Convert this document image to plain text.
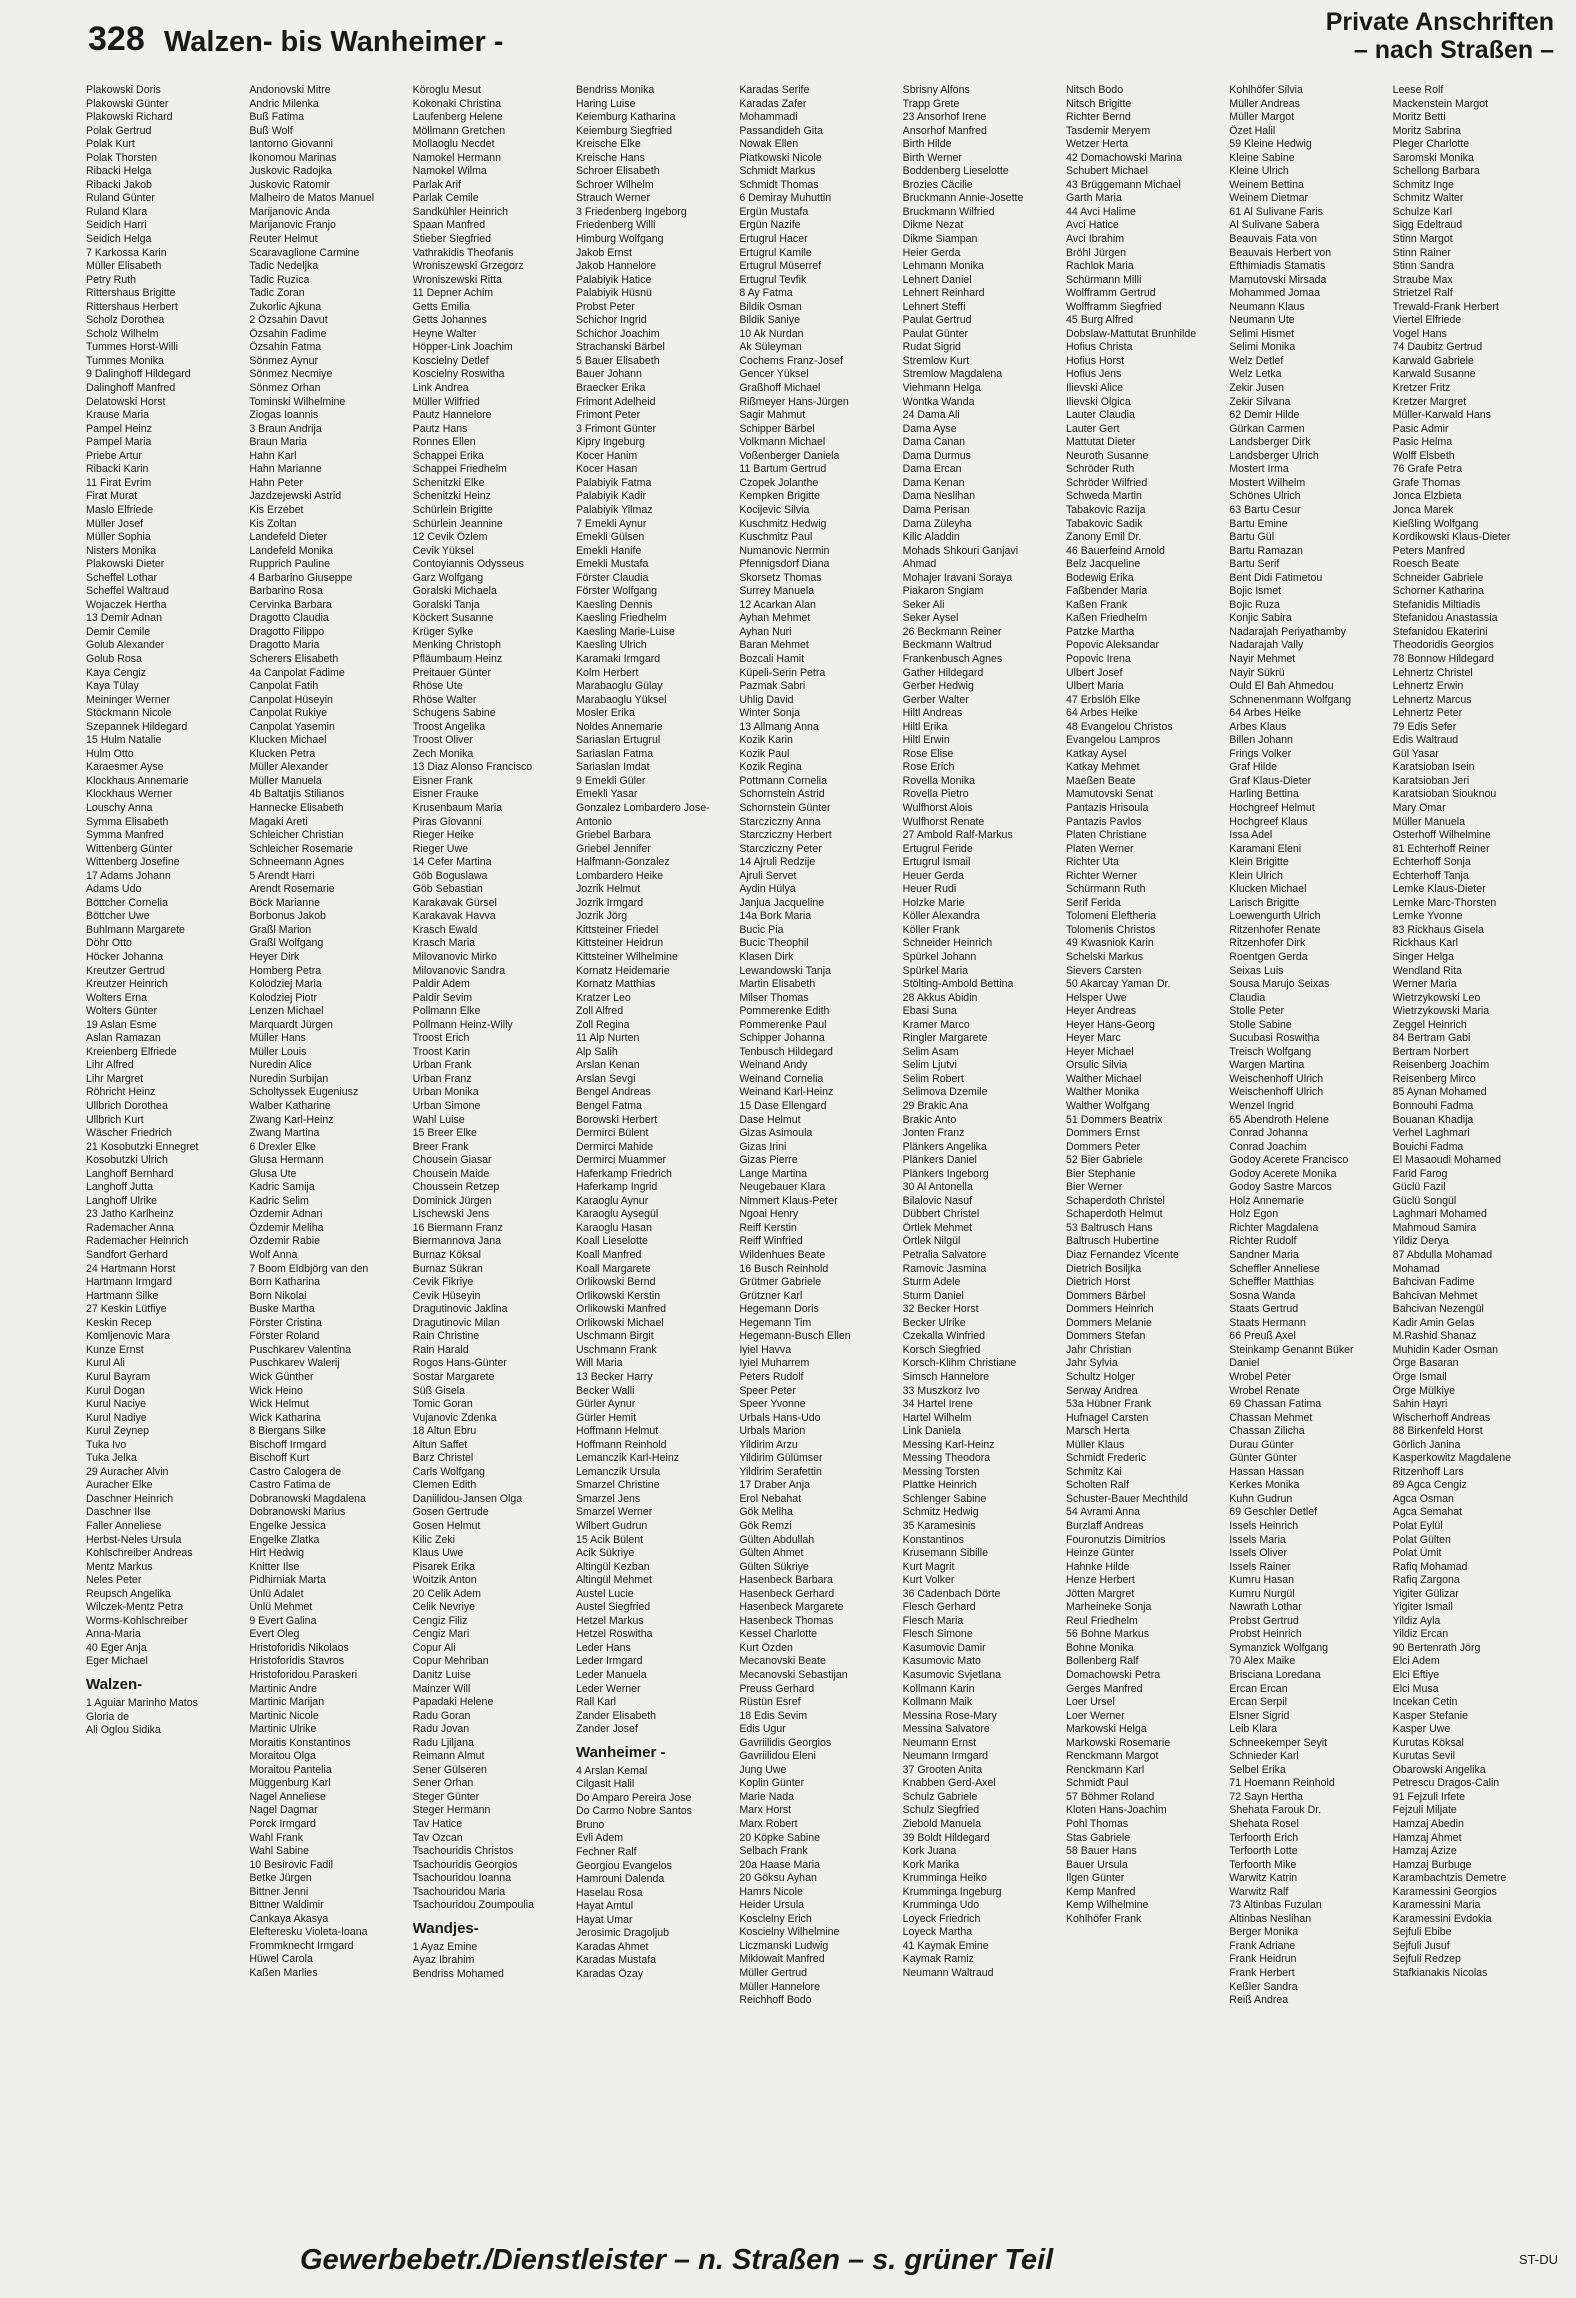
328 Walzen- bis Wanheimer -
Private Anschriften
– nach Straßen –
Plakowski Doris
Plakowski Günter
Plakowski Richard
Polak Gertrud
Polak Kurt
Polak Thorsten
Ribacki Helga
Ribacki Jakob
Ruland Günter
Ruland Klara
Seidich Harri
Seidich Helga
7 Karkossa Karin
Müller Elisabeth
Petry Ruth
Rittershaus Brigitte
Rittershaus Herbert
Scholz Dorothea
Scholz Wilhelm
Tummes Horst-Willi
Tummes Monika
9 Dalinghoff Hildegard
Dalinghoff Manfred
Delatowski Horst
Krause Maria
Pampel Heinz
Pampel Maria
Priebe Artur
Ribacki Karin
11 Firat Evrim
Firat Murat
Maslo Elfriede
Müller Josef
Müller Sophia
Nisters Monika
Plakowski Dieter
Scheffel Lothar
Scheffel Waltraud
Wojaczek Hertha
13 Demir Adnan
Demir Cemile
Golub Alexander
Golub Rosa
Kaya Cengiz
Kaya Tülay
Meininger Werner
Stöckmann Nicole
Szepannek Hildegard
15 Hulm Natalie
Hulm Otto
Karaesmer Ayse
Klockhaus Annemarie
Klockhaus Werner
Louschy Anna
Symma Elisabeth
Symma Manfred
Wittenberg Günter
Wittenberg Josefine
17 Adams Johann
Adams Udo
Böttcher Cornelia
Böttcher Uwe
Buhlmann Margarete
Döhr Otto
Höcker Johanna
Kreutzer Gertrud
Kreutzer Heinrich
Wolters Erna
Wolters Günter
19 Aslan Esme
Aslan Ramazan
Kreienberg Elfriede
Lihr Alfred
Lihr Margret
Röhricht Heinz
Ullbrich Dorothea
Ullbrich Kurt
Wäscher Friedrich
21 Kosobutzki Ennegret
Kosobutzki Ulrich
Langhoff Bernhard
Langhoff Jutta
Langhoff Ulrike
23 Jatho Karlheinz
Rademacher Anna
Rademacher Heinrich
Sandfort Gerhard
24 Hartmann Horst
Hartmann Irmgard
Hartmann Silke
27 Keskin Lütfiye
Keskin Recep
Komljenovic Mara
Kunze Ernst
Kurul Ali
Kurul Bayram
Kurul Dogan
Kurul Naciye
Kurul Nadiye
Kurul Zeynep
Tuka Ivo
Tuka Jelka
29 Auracher Alvin
Auracher Elke
Daschner Heinrich
Daschner Ilse
Faller Anneliese
Herbst-Neles Ursula
Kohlschreiber Andreas
Mentz Markus
Neles Peter
Reupsch Angelika
Wilczek-Mentz Petra
Worms-Kohlschreiber
Anna-Maria
40 Eger Anja
Eger Michael
Walzen-
1 Aguiar Marinho Matos
Gloria de
Ali Oglou Sidika
Andonovski Mitre
Andric Milenka
Buß Fatima
Buß Wolf
Iantorno Giovanni
Ikonomou Marinas
Juskovic Radojka
Juskovic Ratomir
Malheiro de Matos Manuel
Marijanovic Anda
Marijanovic Franjo
Reuter Helmut
Scaravaglione Carmine
Tadic Nedeljka
Tadic Ruzica
Tadic Zoran
Zukorlic Ajkuna
2 Özsahin Davut
Özsahin Fadime
Özsahin Fatma
Sönmez Aynur
Sönmez Necmiye
Sönmez Orhan
Tominski Wilhelmine
Ziogas Ioannis
3 Braun Andrija
Braun Maria
Hahn Karl
Hahn Marianne
Hahn Peter
Jazdzejewski Astrid
Kis Erzebet
Kis Zoltan
Landefeld Dieter
Landefeld Monika
Rupprich Pauline
4 Barbarino Giuseppe
Barbarino Rosa
Cervinka Barbara
Dragotto Claudia
Dragotto Filippo
Dragotto Maria
Scherers Elisabeth
4a Canpolat Fadime
Canpolat Fatih
Canpolat Hüseyin
Canpolat Rukiye
Canpolat Yasemin
Klucken Michael
Klucken Petra
Müller Alexander
Müller Manuela
4b Baltatjis Stilianos
Hannecke Elisabeth
Magaki Areti
Schleicher Christian
Schleicher Rosemarie
Schneemann Agnes
5 Arendt Harri
Arendt Rosemarie
Böck Marianne
Borbonus Jakob
Graßl Marion
Graßl Wolfgang
Heyer Dirk
Homberg Petra
Kolodziej Maria
Kolodziej Piotr
Lenzen Michael
Marquardt Jürgen
Müller Hans
Müller Louis
Nuredin Alice
Nuredin Surbijan
Scholtyssek Eugeniusz
Walber Katharine
Zwang Karl-Heinz
Zwang Martina
6 Drexler Elke
Glusa Hermann
Glusa Ute
Kadric Samija
Kadric Selim
Özdemir Adnan
Özdemir Meliha
Özdemir Rabie
Wolf Anna
7 Boom Eldbjörg van den
Born Katharina
Born Nikolai
Buske Martha
Förster Cristina
Förster Roland
Puschkarev Valentina
Puschkarev Walerij
Wick Günther
Wick Heino
Wick Helmut
Wick Katharina
8 Biergans Silke
Bischoff Irmgard
Bischoff Kurt
Castro Calogera de
Castro Fatima de
Dobranowski Magdalena
Dobranowski Marius
Engelke Jessica
Engelke Zlatka
Hirt Hedwig
Knitter Ilse
Pidhirniak Marta
Ünlü Adalet
Ünlü Mehmet
9 Evert Galina
Evert Oleg
Hristoforidis Nikolaos
Hristoforidis Stavros
Hristoforidou Paraskeri
Martinic Andre
Martinic Marijan
Martinic Nicole
Martinic Ulrike
Moraitis Konstantinos
Moraitou Olga
Moraitou Pantelia
Müggenburg Karl
Nagel Anneliese
Nagel Dagmar
Porck Irmgard
Wahl Frank
Wahl Sabine
10 Besirovic Fadil
Betke Jürgen
Bittner Jenni
Bittner Waldimir
Cankaya Akasya
Elefteresku Violeta-Ioana
Frommknecht Irmgard
Hüwel Carola
Kaßen Marlies
Köroglu Mesut
Kokonaki Christina
Laufenberg Helene
Möllmann Gretchen
Mollaoglu Necdet
Namokel Hermann
Namokel Wilma
Parlak Arif
Parlak Cemile
Sandkühler Heinrich
Spaan Manfred
Stieber Siegfried
Vathrakidis Theofanis
Wroniszewski Grzegorz
Wroniszewski Ritta
11 Depner Achim
Getts Emilia
Getts Johannes
Heyne Walter
Höpper-Link Joachim
Koscielny Detlef
Koscielny Roswitha
Link Andrea
Müller Wilfried
Pautz Hannelore
Pautz Hans
Ronnes Ellen
Schappei Erika
Schappei Friedhelm
Schenitzki Elke
Schenitzki Heinz
Schürlein Brigitte
Schürlein Jeannine
12 Cevik Özlem
Cevik Yüksel
Contoyiannis Odysseus
Garz Wolfgang
Goralski Michaela
Goralski Tanja
Köckert Susanne
Krüger Sylke
Menking Christoph
Pfläumbaum Heinz
Preitauer Günter
Rhöse Ute
Rhöse Walter
Schugens Sabine
Troost Angelika
Troost Oliver
Zech Monika
13 Diaz Alonso Francisco
Eisner Frank
Eisner Frauke
Krusenbaum Maria
Piras Giovanni
Rieger Heike
Rieger Uwe
14 Cefer Martina
Göb Boguslawa
Göb Sebastian
Karakavak Gürsel
Karakavak Havva
Krasch Ewald
Krasch Maria
Milovanovic Mirko
Milovanovic Sandra
Paldir Adem
Paldir Sevim
Pollmann Elke
Pollmann Heinz-Willy
Troost Erich
Troost Karin
Urban Frank
Urban Franz
Urban Monika
Urban Simone
Wahl Luise
15 Breer Elke
Breer Frank
Chousein Giasar
Chousein Maide
Choussein Retzep
Dominick Jürgen
Lischewski Jens
16 Biermann Franz
Biermannova Jana
Burnaz Köksal
Burnaz Sükran
Cevik Fikriye
Cevik Hüseyin
Dragutinovic Jaklina
Dragutinovic Milan
Rain Christine
Rain Harald
Rogos Hans-Günter
Sostar Margarete
Süß Gisela
Tomic Goran
Vujanovic Zdenka
18 Altun Ebru
Altun Saffet
Barz Christel
Carls Wolfgang
Clemen Edith
Daniilidou-Jansen Olga
Gosen Gertrude
Gosen Helmut
Kilic Zeki
Klaus Uwe
Pisarek Erika
Woitzik Anton
20 Celik Adem
Celik Nevriye
Cengiz Filiz
Cengiz Mari
Copur Ali
Copur Mehriban
Danitz Luise
Mainzer Will
Papadaki Helene
Radu Goran
Radu Jovan
Radu Ljiljana
Reimann Almut
Sener Gülseren
Sener Orhan
Steger Günter
Steger Hermann
Tav Hatice
Tav Ozcan
Tsachouridis Christos
Tsachouridis Georgios
Tsachouridou Ioanna
Tsachouridou Maria
Tsachouridou Zoumpoulia
Wandjes-
1 Ayaz Emine
Ayaz Ibrahim
Bendriss Mohamed
Bendriss Monika
Haring Luise
Keiemburg Katharina
Keiemburg Siegfried
Kreische Elke
Kreische Hans
Schroer Elisabeth
Schroer Wilhelm
Strauch Werner
3 Friedenberg Ingeborg
Friedenberg Willi
Himburg Wolfgang
Jakob Ernst
Jakob Hannelore
Palabiyik Hatice
Palabiyik Hüsnü
Probst Peter
Schichor Ingrid
Schichor Joachim
Strachanski Bärbel
5 Bauer Elisabeth
Bauer Johann
Braecker Erika
Frimont Adelheid
Frimont Peter
3 Frimont Günter
Kipry Ingeburg
Kocer Hanim
Kocer Hasan
Palabiyik Fatma
Palabiyik Kadir
Palabiyik Yilmaz
7 Emekli Aynur
Emekli Gülsen
Emekli Hanife
Emekli Mustafa
Förster Claudia
Förster Wolfgang
Kaesling Dennis
Kaesling Friedhelm
Kaesling Marie-Luise
Kaesling Ulrich
Karamaki Irmgard
Kolm Herbert
Marabaoglu Gülay
Marabaoglu Yüksel
Mosler Erika
Noldes Annemarie
Sariaslan Ertugrul
Sariaslan Fatma
Sariaslan Imdat
9 Emekli Güler
Emekli Yasar
Gonzalez Lombardero Jose-
Antonio
Griebel Barbara
Griebel Jennifer
Halfmann-Gonzalez
Lombardero Heike
Jozrik Helmut
Jozrik Irmgard
Jozrik Jörg
Kittsteiner Friedel
Kittsteiner Heidrun
Kittsteiner Wilhelmine
Kornatz Heidemarie
Kornatz Matthias
Kratzer Leo
Zoll Alfred
Zoll Regina
11 Alp Nurten
Alp Salih
Arslan Kenan
Arslan Sevgi
Bengel Andreas
Bengel Fatma
Borowski Herbert
Dermirci Bülent
Dermirci Mahide
Dermirci Muammer
Haferkamp Friedrich
Haferkamp Ingrid
Karaoglu Aynur
Karaoglu Aysegül
Karaoglu Hasan
Koall Lieselotte
Koall Manfred
Koall Margarete
Orlikowski Bernd
Orlikowski Kerstin
Orlikowski Manfred
Orlikowski Michael
Uschmann Birgit
Uschmann Frank
Will Maria
13 Becker Harry
Becker Walli
Gürler Aynur
Gürler Hemit
Hoffmann Helmut
Hoffmann Reinhold
Lemanczik Karl-Heinz
Lemanczik Ursula
Smarzel Christine
Smarzel Jens
Smarzel Werner
Wilbert Gudrun
15 Acik Bülent
Acik Sükriye
Altingül Kezban
Altingül Mehmet
Austel Lucie
Austel Siegfried
Hetzel Markus
Hetzel Roswitha
Leder Hans
Leder Irmgard
Leder Manuela
Leder Werner
Rall Karl
Zander Elisabeth
Zander Josef
Wanheimer -
4 Arslan Kemal
Cilgasit Halil
Do Amparo Pereira Jose
Do Carmo Nobre Santos
Bruno
Evli Adem
Fechner Ralf
Georgiou Evangelos
Hamrouni Dalenda
Haselau Rosa
Hayat Amtul
Hayat Umar
Jerosimic Dragoljub
Karadas Ahmet
Karadas Mustafa
Karadas Özay
Karadas Serife
Karadas Zafer
Mohammadi
Passandideh Gita
Nowak Ellen
Piatkowski Nicole
Schmidt Markus
Schmidt Thomas
6 Demiray Muhuttin
Ergün Mustafa
Ergün Nazife
Ertugrul Hacer
Ertugrul Kamile
Ertugrul Müserref
Ertugrul Tevfik
8 Ay Fatma
Bildik Osman
Bildik Saniye
10 Ak Nurdan
Ak Süleyman
Cochems Franz-Josef
Gencer Yüksel
Graßhoff Michael
Rißmeyer Hans-Jürgen
Sagir Mahmut
Schipper Bärbel
Volkmann Michael
Voßenberger Daniela
11 Bartum Gertrud
Czopek Jolanthe
Kempken Brigitte
Kocijevic Silvia
Kuschmitz Hedwig
Kuschmitz Paul
Numanovic Nermin
Pfennigsdorf Diana
Skorsetz Thomas
Surrey Manuela
12 Acarkan Alan
Ayhan Mehmet
Ayhan Nuri
Baran Mehmet
Bozcali Hamit
Küpeli-Serin Petra
Pazmak Sabri
Uhlig David
Winter Sonja
13 Allmang Anna
Kozik Karin
Kozik Paul
Kozik Regina
Pottmann Cornelia
Schornstein Astrid
Schornstein Günter
Starcziczny Anna
Starcziczny Herbert
Starcziczny Peter
14 Ajruli Redzije
Ajruli Servet
Aydin Hülya
Janjua Jacqueline
14a Bork Maria
Bucic Pia
Bucic Theophil
Klasen Dirk
Lewandowski Tanja
Martin Elisabeth
Milser Thomas
Pommerenke Edith
Pommerenke Paul
Schipper Johanna
Tenbusch Hildegard
Weinand Andy
Weinand Cornelia
Weinand Karl-Heinz
15 Dase Ellengard
Dase Helmut
Gizas Asimoula
Gizas Irini
Gizas Pierre
Lange Martina
Neugebauer Klara
Nimmert Klaus-Peter
Ngoai Henry
Reiff Kerstin
Reiff Winfried
Wildenhues Beate
16 Busch Reinhold
Grütmer Gabriele
Grützner Karl
Hegemann Doris
Hegemann Tim
Hegemann-Busch Ellen
Iyiel Havva
Iyiel Muharrem
Peters Rudolf
Speer Peter
Speer Yvonne
Urbals Hans-Udo
Urbals Marion
Yildirim Arzu
Yildirim Gülümser
Yildirim Serafettin
17 Draber Anja
Erol Nebahat
Gök Meliha
Gök Remzi
Gülten Abdullah
Gülten Ahmet
Gülten Sükriye
Hasenbeck Barbara
Hasenbeck Gerhard
Hasenbeck Margarete
Hasenbeck Thomas
Kessel Charlotte
Kurt Özden
Mecanovski Beate
Mecanovski Sebastijan
Preuss Gerhard
Rüstün Esref
18 Edis Sevim
Edis Ugur
Gavriilidis Georgios
Gavriilidou Eleni
Jung Uwe
Koplin Günter
Marie Nada
Marx Horst
Marx Robert
20 Köpke Sabine
Selbach Frank
20a Haase Maria
20 Göksu Ayhan
Hamrs Nicole
Heider Ursula
Kosclelny Erich
Koscielny Wilhelmine
Liczmanski Ludwig
Miklowait Manfred
Müller Gertrud
Müller Hannelore
Reichhoff Bodo
Sbrisny Alfons
Trapp Grete
23 Ansorhof Irene
Ansorhof Manfred
Birth Hilde
Birth Werner
Boddenberg Lieselotte
Brozies Cäcilie
Bruckmann Annie-Josette
Bruckmann Wilfried
Dikme Nezat
Dikme Siampan
Heier Gerda
Lehmann Monika
Lehnert Daniel
Lehnert Reinhard
Lehnert Steffi
Paulat Gertrud
Paulat Günter
Rudat Sigrid
Stremlow Kurt
Stremlow Magdalena
Viehmann Helga
Wontka Wanda
24 Dama Ali
Dama Ayse
Dama Canan
Dama Durmus
Dama Ercan
Dama Kenan
Dama Neslihan
Dama Perisan
Dama Züleyha
Kilic Aladdin
Mohads Shkouri Ganjavi
Ahmad
Mohajer Iravani Soraya
Piakaron Sngiam
Seker Ali
Seker Aysel
26 Beckmann Reiner
Beckmann Waltrud
Frankenbusch Agnes
Gather Hildegard
Gerber Hedwig
Gerber Walter
Hiltl Andreas
Hiltl Erika
Hiltl Erwin
Rose Elise
Rose Erich
Rovella Monika
Rovella Pietro
Wulfhorst Alois
Wulfhorst Renate
27 Ambold Ralf-Markus
Ertugrul Feride
Ertugrul Ismail
Heuer Gerda
Heuer Rudi
Holzke Marie
Köller Alexandra
Köller Frank
Schneider Heinrich
Spürkel Johann
Spürkel Maria
Stölting-Ambold Bettina
28 Akkus Abidin
Ebasi Suna
Kramer Marco
Ringler Margarete
Selim Asam
Selim Ljutvi
Selim Robert
Selimova Dzemile
29 Brakic Ana
Brakic Anto
Jonten Franz
Plänkers Angelika
Plänkers Daniel
Plänkers Ingeborg
30 Al Antonella
Bilalovic Nasuf
Dübbert Christel
Örtlek Mehmet
Örtlek Nilgül
Petralia Salvatore
Ramovic Jasmina
Sturm Adele
Sturm Daniel
32 Becker Horst
Becker Ulrike
Czekalla Winfried
Korsch Siegfried
Korsch-Klihm Christiane
Simsch Hannelore
33 Muszkorz Ivo
34 Hartel Irene
Hartel Wilhelm
Link Daniela
Messing Karl-Heinz
Messing Theodora
Messing Torsten
Plattke Heinrich
Schlenger Sabine
Schmitz Hedwig
35 Karamesinis
Konstantinos
Krusemann Sibille
Kurt Magrit
Kurt Volker
36 Cadenbach Dörte
Flesch Gerhard
Flesch Maria
Flesch Simone
Kasumovic Damir
Kasumovic Mato
Kasumovic Svjetlana
Kollmann Karin
Kollmann Maik
Messina Rose-Mary
Messina Salvatore
Neumann Ernst
Neumann Irmgard
37 Grooten Anita
Knabben Gerd-Axel
Schulz Gabriele
Schulz Siegfried
Ziebold Manuela
39 Boldt Hildegard
Kork Juana
Kork Marika
Krumminga Heiko
Krumminga Ingeburg
Krumminga Udo
Loyeck Friedrich
Loyeck Martha
41 Kaymak Emine
Kaymak Ramiz
Neumann Waltraud
Nitsch Bodo
Nitsch Brigitte
Richter Bernd
Tasdemir Meryem
Wetzer Herta
42 Domachowski Marina
Schubert Michael
43 Brüggemann Michael
Garth Maria
44 Avci Halime
Avci Hatice
Avci Ibrahim
Bröhl Jürgen
Rachlok Maria
Schürmann Milli
Wolfframm Gertrud
Wolfframm Siegfried
45 Burg Alfred
Dobslaw-Mattutat Brunhilde
Hofius Christa
Hofius Horst
Hofius Jens
Ilievski Alice
Ilievski Olgica
Lauter Claudia
Lauter Gert
Mattutat Dieter
Neuroth Susanne
Schröder Ruth
Schröder Wilfried
Schweda Martin
Tabakovic Razija
Tabakovic Sadik
Zanony Emil Dr.
46 Bauerfeind Arnold
Belz Jacqueline
Bodewig Erika
Faßbender Maria
Kaßen Frank
Kaßen Friedhelm
Patzke Martha
Popovic Aleksandar
Popovic Irena
Ulbert Josef
Ulbert Maria
47 Erbslöh Elke
64 Arbes Heike
48 Evangelou Christos
Evangelou Lampros
Katkay Aysel
Katkay Mehmet
Maeßen Beate
Mamutovski Senat
Pantazis Hrisoula
Pantazis Pavlos
Platen Christiane
Platen Werner
Richter Uta
Richter Werner
Schürmann Ruth
Serif Ferida
Tolomeni Eleftheria
Tolomenis Christos
49 Kwasniok Karin
Schelski Markus
Sievers Carsten
50 Akarcay Yaman Dr.
Helsper Uwe
Heyer Andreas
Heyer Hans-Georg
Heyer Marc
Heyer Michael
Orsulic Silvia
Walther Michael
Walther Monika
Walther Wolfgang
51 Dommers Beatrix
Dommers Ernst
Dommers Peter
52 Bier Gabriele
Bier Stephanie
Bier Werner
Schaperdoth Christel
Schaperdoth Helmut
53 Baltrusch Hans
Baltrusch Hubertine
Diaz Fernandez Vicente
Dietrich Bosiljka
Dietrich Horst
Dommers Bärbel
Dommers Heinrich
Dommers Melanie
Dommers Stefan
Jahr Christian
Jahr Sylvia
Schultz Holger
Serway Andrea
53a Hübner Frank
Hufnagel Carsten
Marsch Herta
Müller Klaus
Schmidt Frederic
Schmitz Kai
Scholten Ralf
Schuster-Bauer Mechthild
54 Avrami Anna
Burzlaff Andreas
Fouronutzis Dimitrios
Heinze Günter
Hahnke Hilde
Henze Herbert
Jötten Margret
Marheineke Sonja
Reul Friedhelm
56 Bohne Markus
Bohne Monika
Bollenberg Ralf
Domachowski Petra
Gerges Manfred
Loer Ursel
Loer Werner
Markowski Helga
Markowski Rosemarie
Renckmann Margot
Renckmann Karl
Schmidt Paul
57 Böhmer Roland
Kloten Hans-Joachim
Pohl Thomas
Stas Gabriele
58 Bauer Hans
Bauer Ursula
Ilgen Günter
Kemp Manfred
Kemp Wilhelmine
Kohlhöfer Frank
Kohlhöfer Silvia
Müller Andreas
Müller Margot
Özet Halil
59 Kleine Hedwig
Kleine Sabine
Kleine Ulrich
Weinem Bettina
Weinem Dietmar
61 Al Sulivane Faris
Al Sulivane Sabera
Beauvais Fata von
Beauvais Herbert von
Efthimiadis Stamatis
Mamutovski Mirsada
Mohammed Jomaa
Neumann Klaus
Neumann Ute
Selimi Hismet
Selimi Monika
Welz Detlef
Welz Letka
Zekir Jusen
Zekir Silvana
62 Demir Hilde
Gürkan Carmen
Landsberger Dirk
Landsberger Ulrich
Mostert Irma
Mostert Wilhelm
Schönes Ulrich
63 Bartu Cesur
Bartu Emine
Bartu Gül
Bartu Ramazan
Bartu Serif
Bent Didi Fatimetou
Bojic Ismet
Bojic Ruza
Konjic Sabira
Nadarajah Periyathamby
Nadarajah Vally
Nayir Mehmet
Nayir Sükrü
Ould El Bah Ahmedou
Schnenenmann Wolfgang
64 Arbes Heike
Arbes Klaus
Billen Johann
Frings Volker
Graf Hilde
Graf Klaus-Dieter
Harling Bettina
Hochgreef Helmut
Hochgreef Klaus
Issa Adel
Karamani Eleni
Klein Brigitte
Klein Ulrich
Klucken Michael
Larisch Brigitte
Loewengurth Ulrich
Ritzenhofer Renate
Ritzenhofer Dirk
Roentgen Gerda
Seixas Luis
Sousa Marujo Seixas
Claudia
Stolle Peter
Stolle Sabine
Sucubasi Roswitha
Treisch Wolfgang
Wargen Martina
Weischenhoff Ulrich
Weischenhoff Ulrich
Wenzel Ingrid
65 Abendroth Helene
Conrad Johanna
Conrad Joachim
Godoy Acerete Francisco
Godoy Acerete Monika
Godoy Sastre Marcos
Holz Annemarie
Holz Egon
Richter Magdalena
Richter Rudolf
Sandner Maria
Scheffler Anneliese
Scheffler Matthias
Sosna Wanda
Staats Gertrud
Staats Hermann
66 Preuß Axel
Steinkamp Genannt Büker
Daniel
Wrobel Peter
Wrobel Renate
69 Chassan Fatima
Chassan Mehmet
Chassan Zilicha
Durau Günter
Günter Günter
Hassan Hassan
Kerkes Monika
Kuhn Gudrun
69 Geschler Detlef
Issels Heinrich
Issels Maria
Issels Oliver
Issels Rainer
Kumru Hasan
Kumru Nurgül
Nawrath Lothar
Probst Gertrud
Probst Heinrich
Symanzick Wolfgang
70 Alex Maike
Brisciana Loredana
Ercan Ercan
Ercan Serpil
Elsner Sigrid
Leib Klara
Schneekemper Seyit
Schnieder Karl
Selbel Erika
71 Hoemann Reinhold
72 Sayn Hertha
Shehata Farouk Dr.
Shehata Rosel
Terfoorth Erich
Terfoorth Lotte
Terfoorth Mike
Warwitz Katrin
Warwitz Ralf
73 Altinbas Fuzulan
Altinbas Neslihan
Berger Monika
Frank Adriane
Frank Heidrun
Frank Herbert
Keßler Sandra
Reiß Andrea
Leese Rolf
Mackenstein Margot
Moritz Betti
Moritz Sabrina
Pleger Charlotte
Saromski Monika
Schellong Barbara
Schmitz Inge
Schmitz Walter
Schulze Karl
Sigg Edeltraud
Stinn Margot
Stinn Rainer
Stinn Sandra
Straube Max
Strietzel Ralf
Trewald-Frank Herbert
Viertel Elfriede
Vogel Hans
74 Daubitz Gertrud
Karwald Gabriele
Karwald Susanne
Kretzer Fritz
Kretzer Margret
Müller-Karwald Hans
Pasic Admir
Pasic Helma
Wolff Elsbeth
76 Grafe Petra
Grafe Thomas
Jonca Elzbieta
Jonca Marek
Kießling Wolfgang
Kordikowski Klaus-Dieter
Peters Manfred
Roesch Beate
Schneider Gabriele
Schorner Katharina
Stefanidis Miltiadis
Stefanidou Anastassia
Stefanidou Ekaterini
Theodoridis Georgios
78 Bonnow Hildegard
Lehnertz Christel
Lehnertz Erwin
Lehnertz Marcus
Lehnertz Peter
79 Edis Sefer
Edis Waltraud
Gül Yasar
Karatsioban Isein
Karatsioban Jeri
Karatsioban Siouknou
Mary Omar
Müller Manuela
Osterhoff Wilhelmine
81 Echterhoff Reiner
Echterhoff Sonja
Echterhoff Tanja
Lemke Klaus-Dieter
Lemke Marc-Thorsten
Lemke Yvonne
83 Rickhaus Gisela
Rickhaus Karl
Singer Helga
Wendland Rita
Werner Maria
Wietrzykowski Leo
Wietrzykowski Maria
Zeggel Heinrich
84 Bertram Gabi
Bertram Norbert
Reisenberg Joachim
Reisenberg Mirco
85 Aynan Mohamed
Bonnouhi Fadma
Bouanan Khadija
Verhel Laghmari
Bouichi Fadma
El Masaoudi Mohamed
Farid Farog
Güclü Fazil
Güclü Songül
Laghmari Mohamed
Mahmoud Samira
Yildiz Derya
87 Abdulla Mohamad
Mohamad
Bahcivan Fadime
Bahcivan Mehmet
Bahcivan Nezengül
Kadir Amin Gelas
M.Rashid Shanaz
Muhidin Kader Osman
Örge Basaran
Örge Ismail
Örge Mülkiye
Sahin Hayri
Wischerhoff Andreas
88 Birkenfeld Horst
Görlich Janina
Kasperkowitz Magdalene
Ritzenhoff Lars
89 Agca Cengiz
Agca Osman
Agca Semahat
Polat Eylül
Polat Gülten
Polat Ümit
Rafiq Mohamad
Rafiq Zargona
Yigiter Gülizar
Yigiter Ismail
Yildiz Ayla
Yildiz Ercan
90 Bertenrath Jörg
Elci Adem
Elci Eftiye
Elci Musa
Incekan Cetin
Kasper Stefanie
Kasper Uwe
Kurutas Köksal
Kurutas Sevil
Obarowski Angelika
Petrescu Dragos-Calin
91 Fejzuli Irfete
Fejzuli Miljate
Hamzaj Abedin
Hamzaj Ahmet
Hamzaj Azize
Hamzaj Burbuge
Karambachtzis Demetre
Karamessini Georgios
Karamessini Maria
Karamessini Evdokia
Sejfuli Ebibe
Sejfuli Jusuf
Sejfuli Redzep
Stafkianakis Nicolas
Gewerbebetr./Dienstleister – n. Straßen – s. grüner Teil	ST-DU
